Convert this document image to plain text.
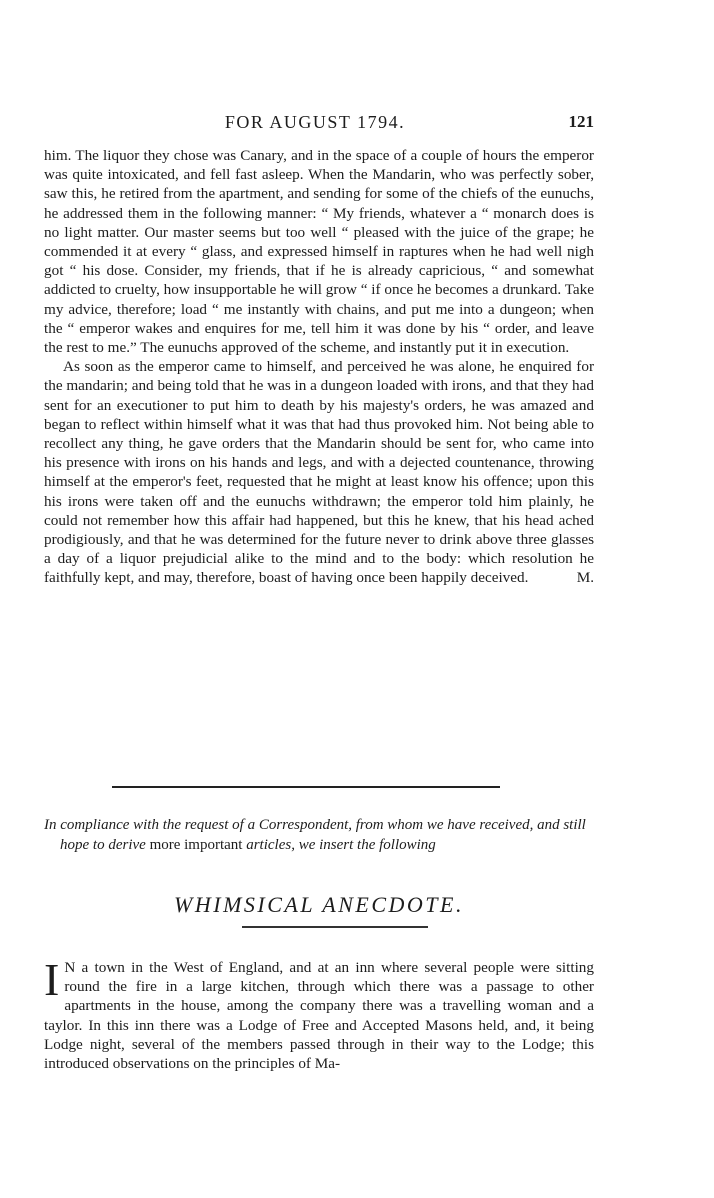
FOR AUGUST 1794.	121

him. The liquor they chose was Canary, and in the space of a couple of hours the emperor was quite intoxicated, and fell fast asleep. When the Mandarin, who was perfectly sober, saw this, he retired from the apartment, and sending for some of the chiefs of the eunuchs, he addressed them in the following manner: “ My friends, whatever a “ monarch does is no light matter. Our master seems but too well “ pleased with the juice of the grape; he commended it at every “ glass, and expressed himself in raptures when he had well nigh got “ his dose. Consider, my friends, that if he is already capricious, “ and somewhat addicted to cruelty, how insupportable he will grow “ if once he becomes a drunkard. Take my advice, therefore; load “ me instantly with chains, and put me into a dungeon; when the “ emperor wakes and enquires for me, tell him it was done by his “ order, and leave the rest to me.” The eunuchs approved of the scheme, and instantly put it in execution.

As soon as the emperor came to himself, and perceived he was alone, he enquired for the mandarin; and being told that he was in a dungeon loaded with irons, and that they had sent for an executioner to put him to death by his majesty's orders, he was amazed and began to reflect within himself what it was that had thus provoked him. Not being able to recollect any thing, he gave orders that the Mandarin should be sent for, who came into his presence with irons on his hands and legs, and with a dejected countenance, throwing himself at the emperor's feet, requested that he might at least know his offence; upon this his irons were taken off and the eunuchs withdrawn; the emperor told him plainly, he could not remember how this affair had happened, but this he knew, that his head ached prodigiously, and that he was determined for the future never to drink above three glasses a day of a liquor prejudicial alike to the mind and to the body: which resolution he faithfully kept, and may, therefore, boast of having once been happily deceived.	M.

In compliance with the request of a Correspondent, from whom we have received, and still hope to derive more important articles, we insert the following
WHIMSICAL ANECDOTE.
I N a town in the West of England, and at an inn where several people were sitting round the fire in a large kitchen, through which there was a passage to other apartments in the house, among the company there was a travelling woman and a taylor. In this inn there was a Lodge of Free and Accepted Masons held, and, it being Lodge night, several of the members passed through in their way to the Lodge; this introduced observations on the principles of Ma-
